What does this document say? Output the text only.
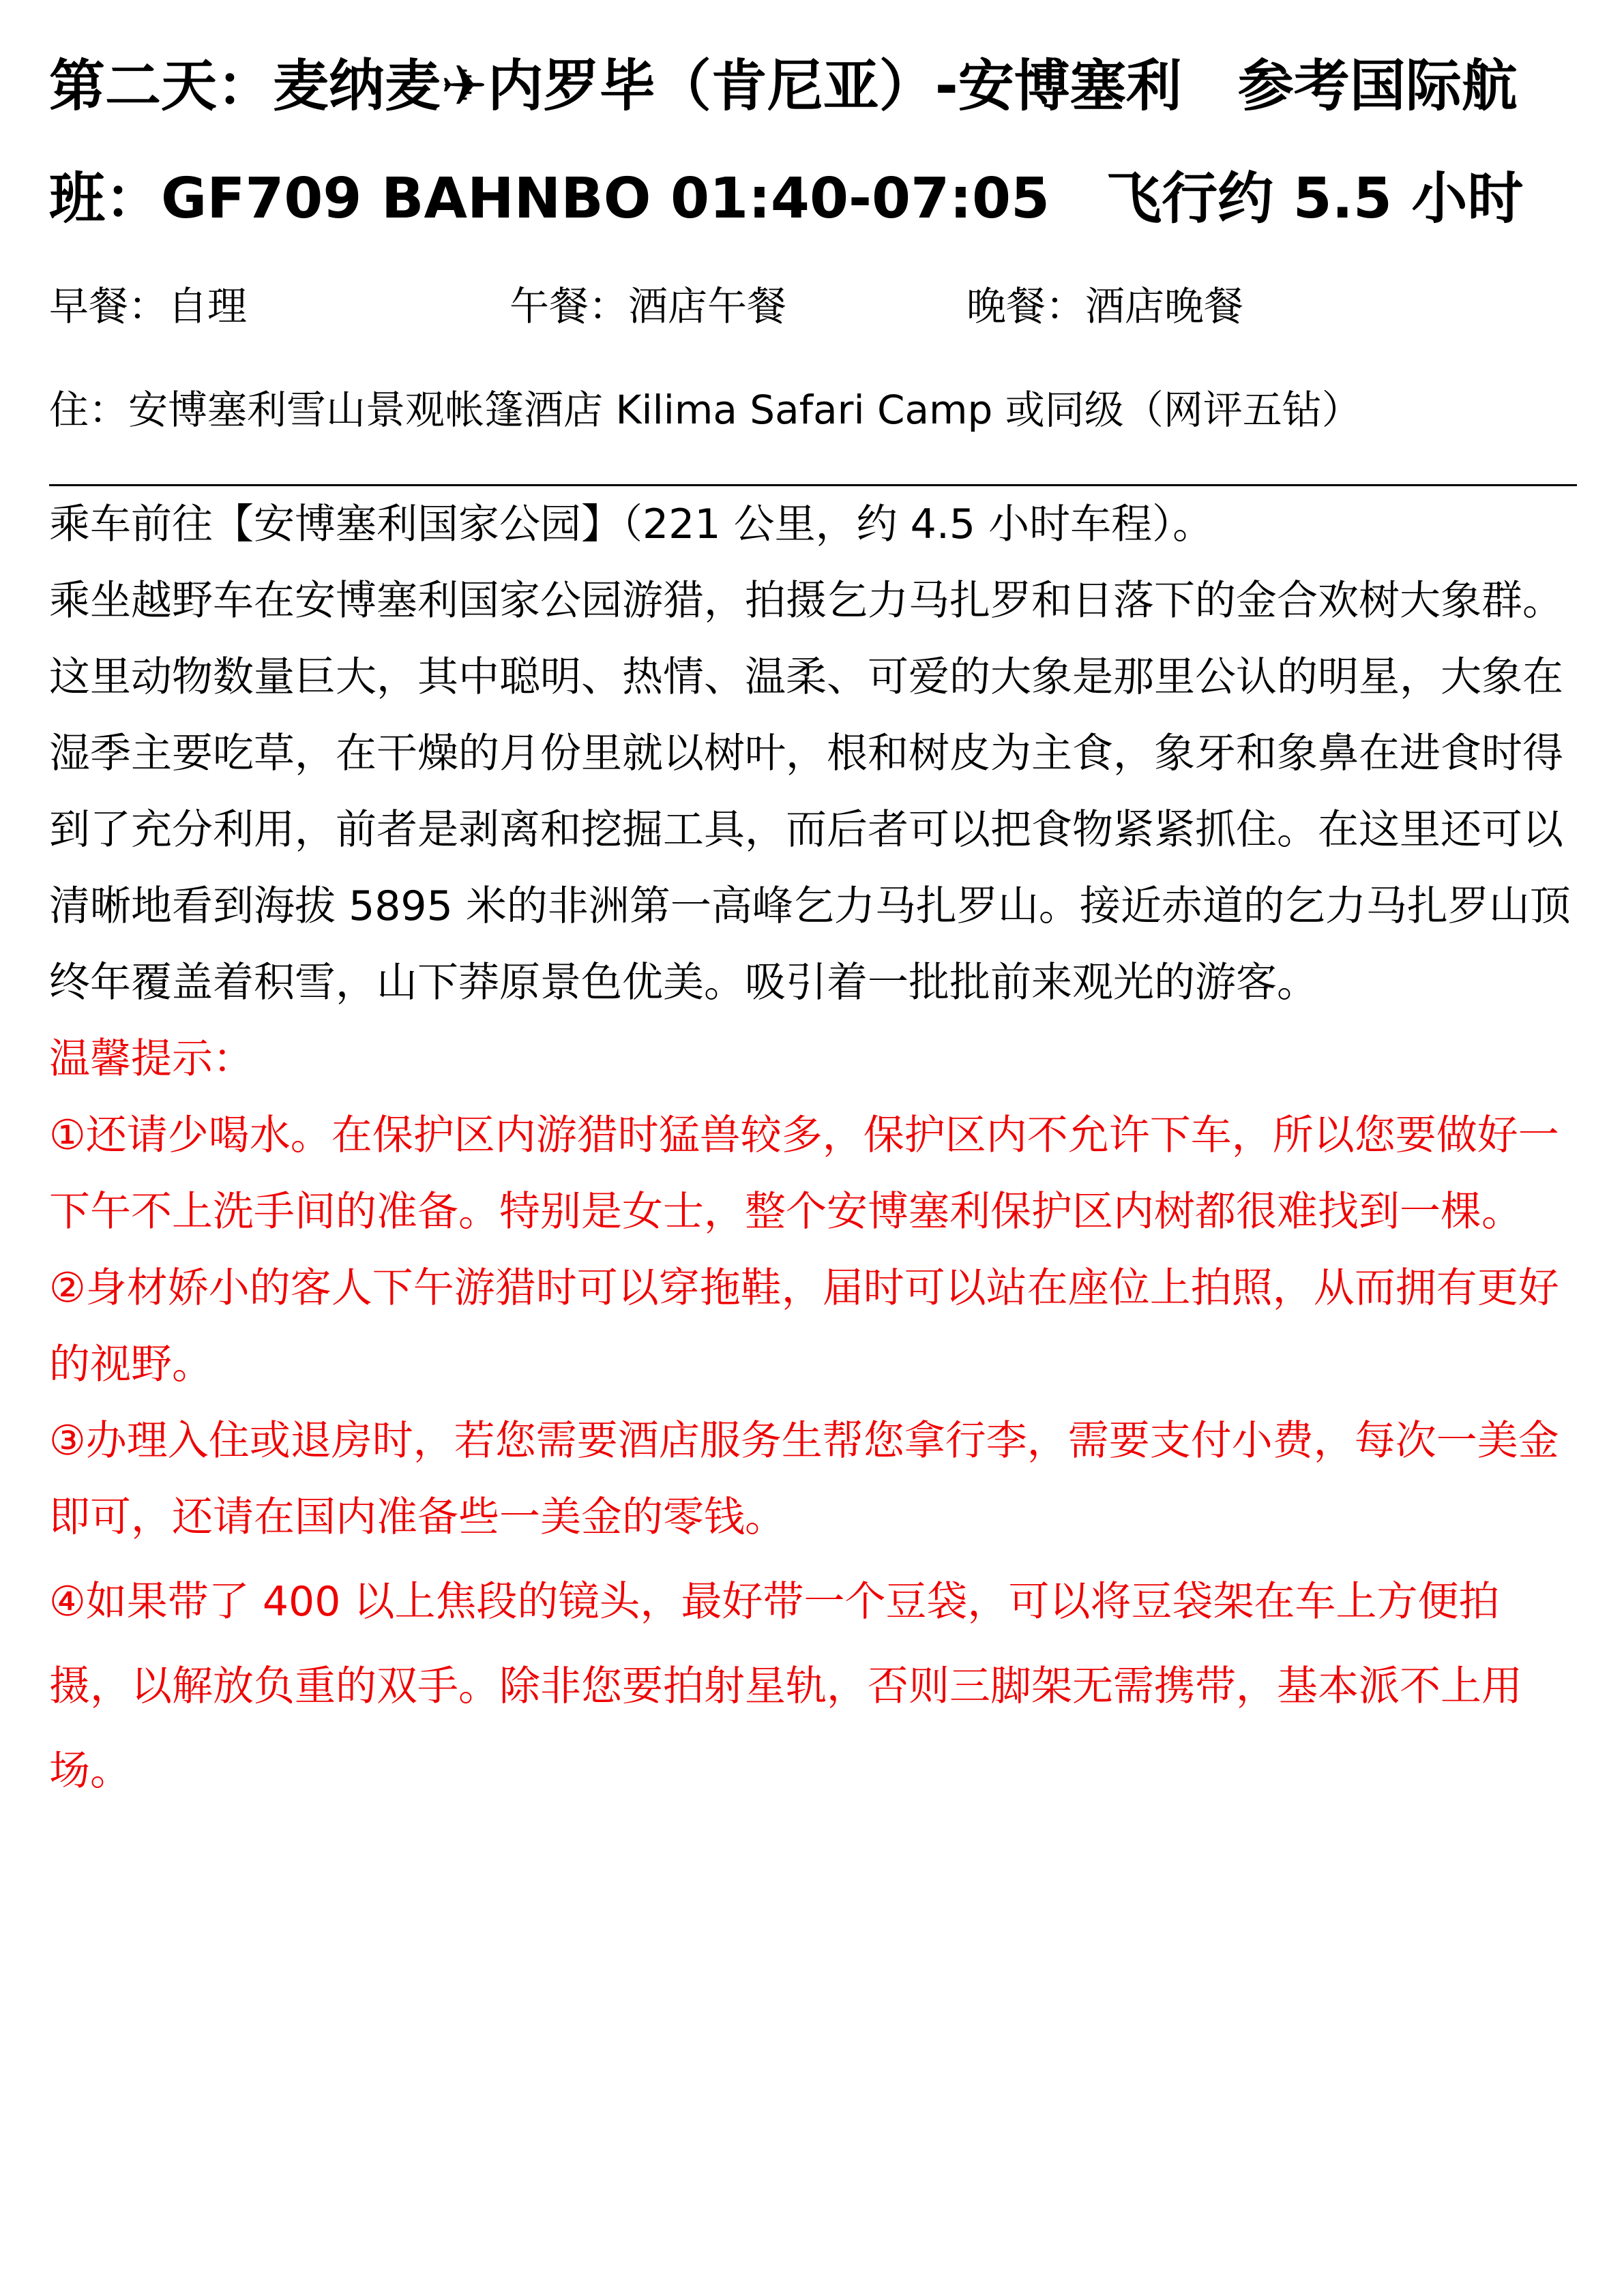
第二天：麦纳麦✈内罗毕（肯尼亚）-安博塞利　参考国际航班：GF709 BAHNBO 01:40-07:05　飞行约 5.5 小时
早餐：自理	午餐：酒店午餐	晚餐：酒店晚餐
住：安博塞利雪山景观帐篷酒店 Kilima Safari Camp 或同级（网评五钻）

乘车前往【安博塞利国家公园】（221 公里，约 4.5 小时车程）。

乘坐越野车在安博塞利国家公园游猎，拍摄乞力马扎罗和日落下的金合欢树大象群。这里动物数量巨大，其中聪明、热情、温柔、可爱的大象是那里公认的明星，大象在湿季主要吃草，在干燥的月份里就以树叶，根和树皮为主食，象牙和象鼻在进食时得到了充分利用，前者是剥离和挖掘工具，而后者可以把食物紧紧抓住。在这里还可以清晰地看到海拔 5895 米的非洲第一高峰乞力马扎罗山。接近赤道的乞力马扎罗山顶终年覆盖着积雪，山下莽原景色优美。吸引着一批批前来观光的游客。

温馨提示：

①还请少喝水。在保护区内游猎时猛兽较多，保护区内不允许下车，所以您要做好一下午不上洗手间的准备。特别是女士，整个安博塞利保护区内树都很难找到一棵。

②身材娇小的客人下午游猎时可以穿拖鞋，届时可以站在座位上拍照，从而拥有更好的视野。

③办理入住或退房时，若您需要酒店服务生帮您拿行李，需要支付小费，每次一美金即可，还请在国内准备些一美金的零钱。

④如果带了 400 以上焦段的镜头，最好带一个豆袋，可以将豆袋架在车上方便拍摄，以解放负重的双手。除非您要拍射星轨，否则三脚架无需携带，基本派不上用场。
